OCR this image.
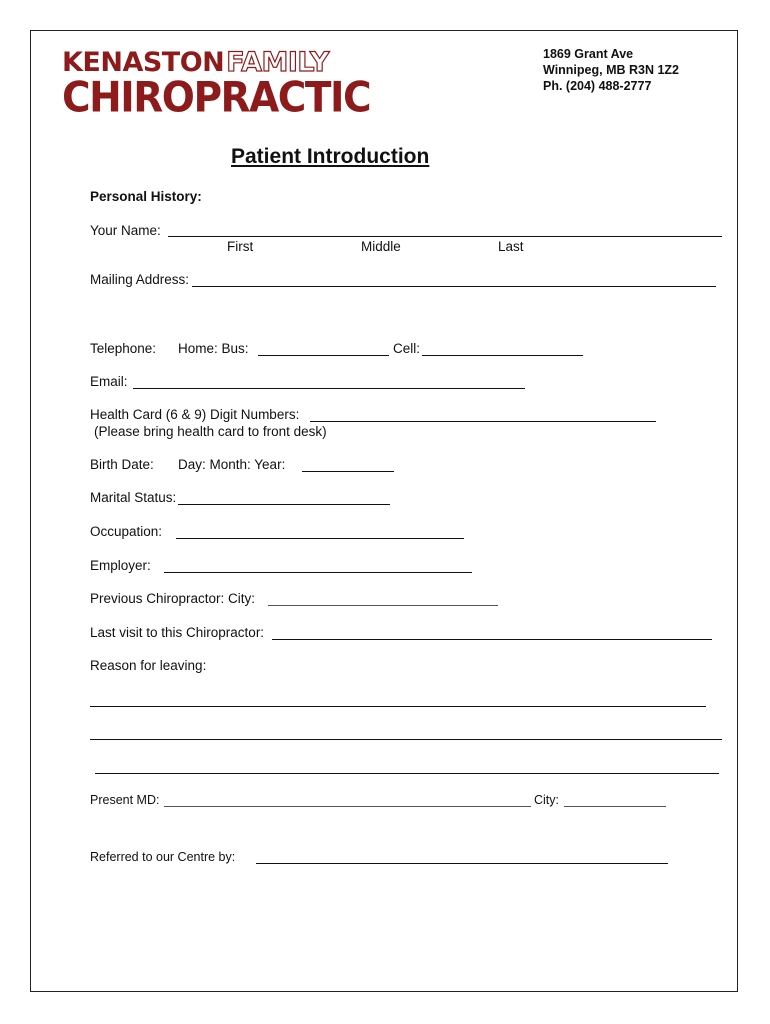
KENASTONFAMILY
CHIROPRACTIC
1869 Grant Ave
Winnipeg, MB R3N 1Z2
Ph. (204) 488-2777
Patient Introduction
Personal History:
Your Name:
First	Middle	Last
Mailing Address:
Telephone: Home: Bus:	Cell:
Email:
Health Card (6 & 9) Digit Numbers:
(Please bring health card to front desk)
Birth Date: Day: Month: Year:
Marital Status:
Occupation:
Employer:
Previous Chiropractor: City:
Last visit to this Chiropractor:
Reason for leaving:
Present MD:	City:
Referred to our Centre by:
